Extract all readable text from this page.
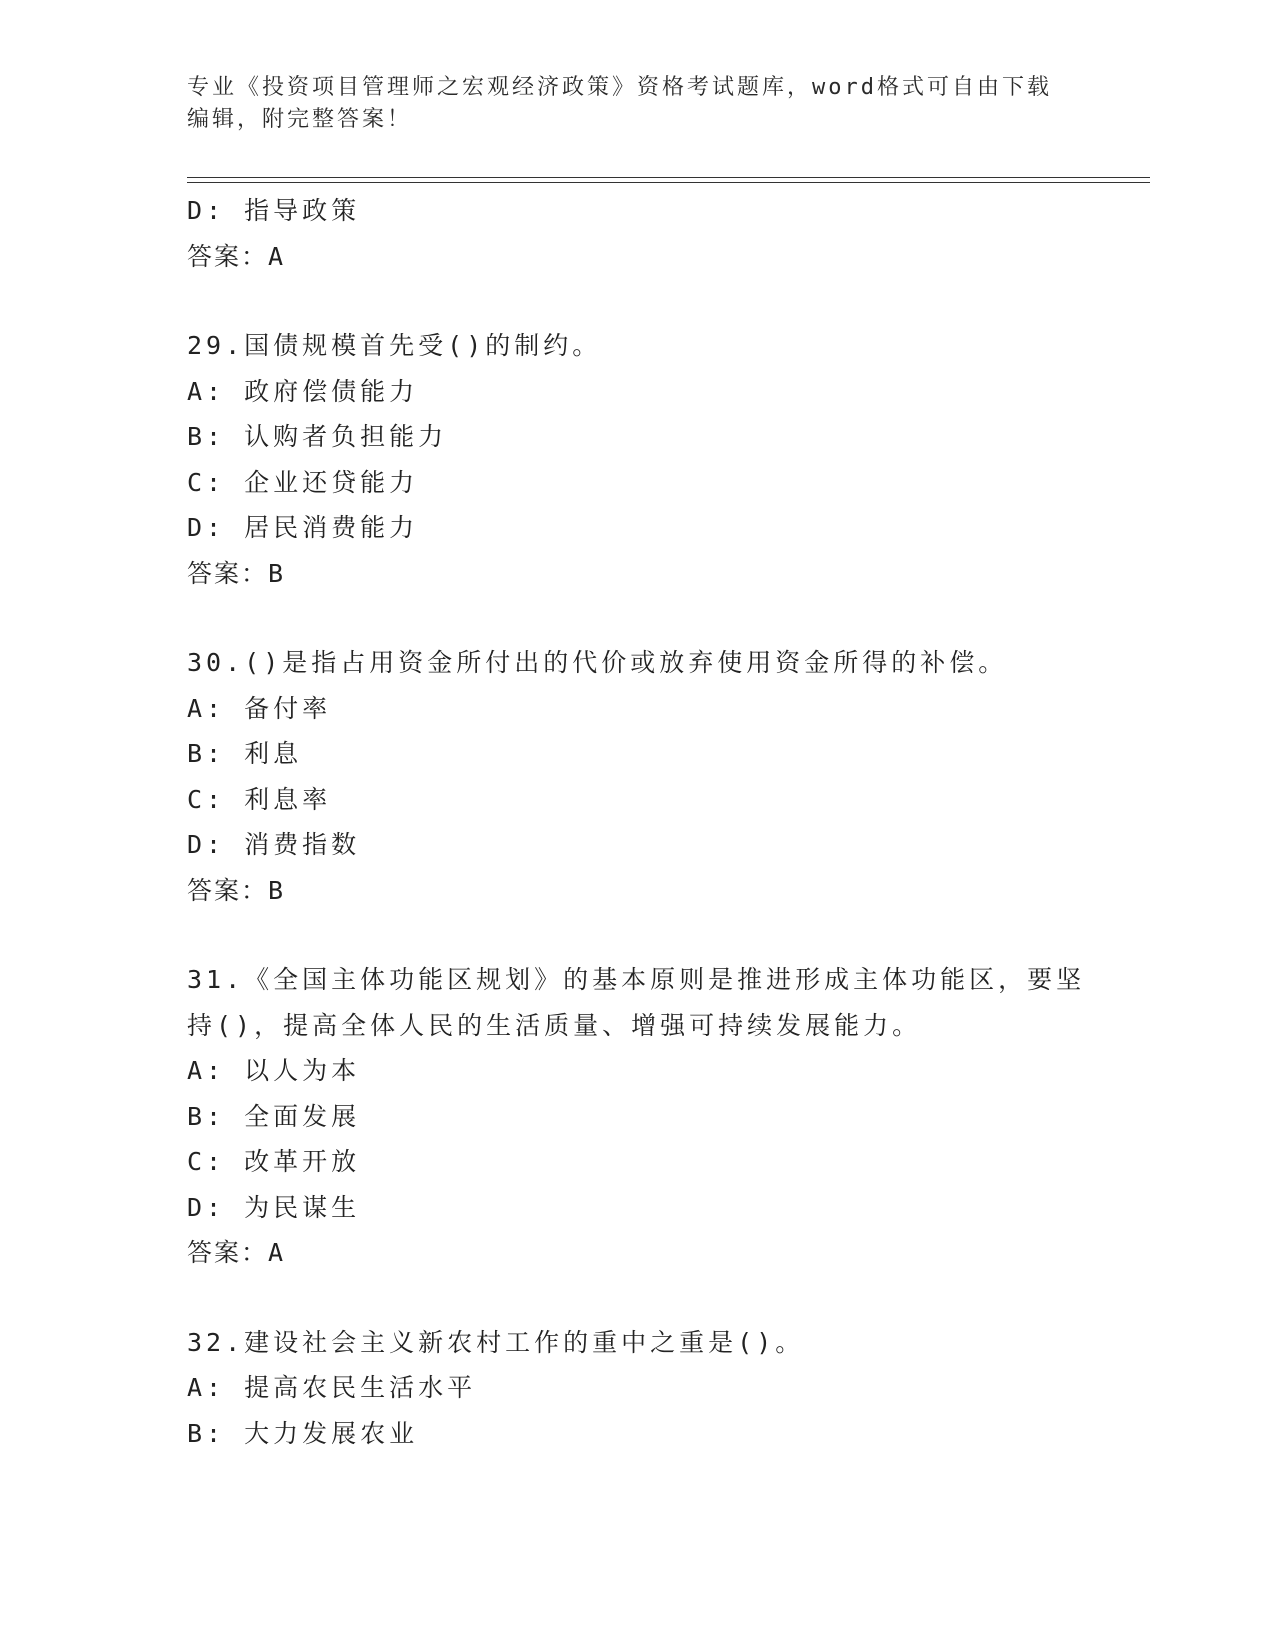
专业《投资项目管理师之宏观经济政策》资格考试题库，word格式可自由下载编辑，附完整答案！
D: 指导政策
答案：A
29.国债规模首先受()的制约。
A: 政府偿债能力
B: 认购者负担能力
C: 企业还贷能力
D: 居民消费能力
答案：B
30.()是指占用资金所付出的代价或放弃使用资金所得的补偿。
A: 备付率
B: 利息
C: 利息率
D: 消费指数
答案：B
31.《全国主体功能区规划》的基本原则是推进形成主体功能区，要坚
持()，提高全体人民的生活质量、增强可持续发展能力。
A: 以人为本
B: 全面发展
C: 改革开放
D: 为民谋生
答案：A
32.建设社会主义新农村工作的重中之重是()。
A: 提高农民生活水平
B: 大力发展农业
